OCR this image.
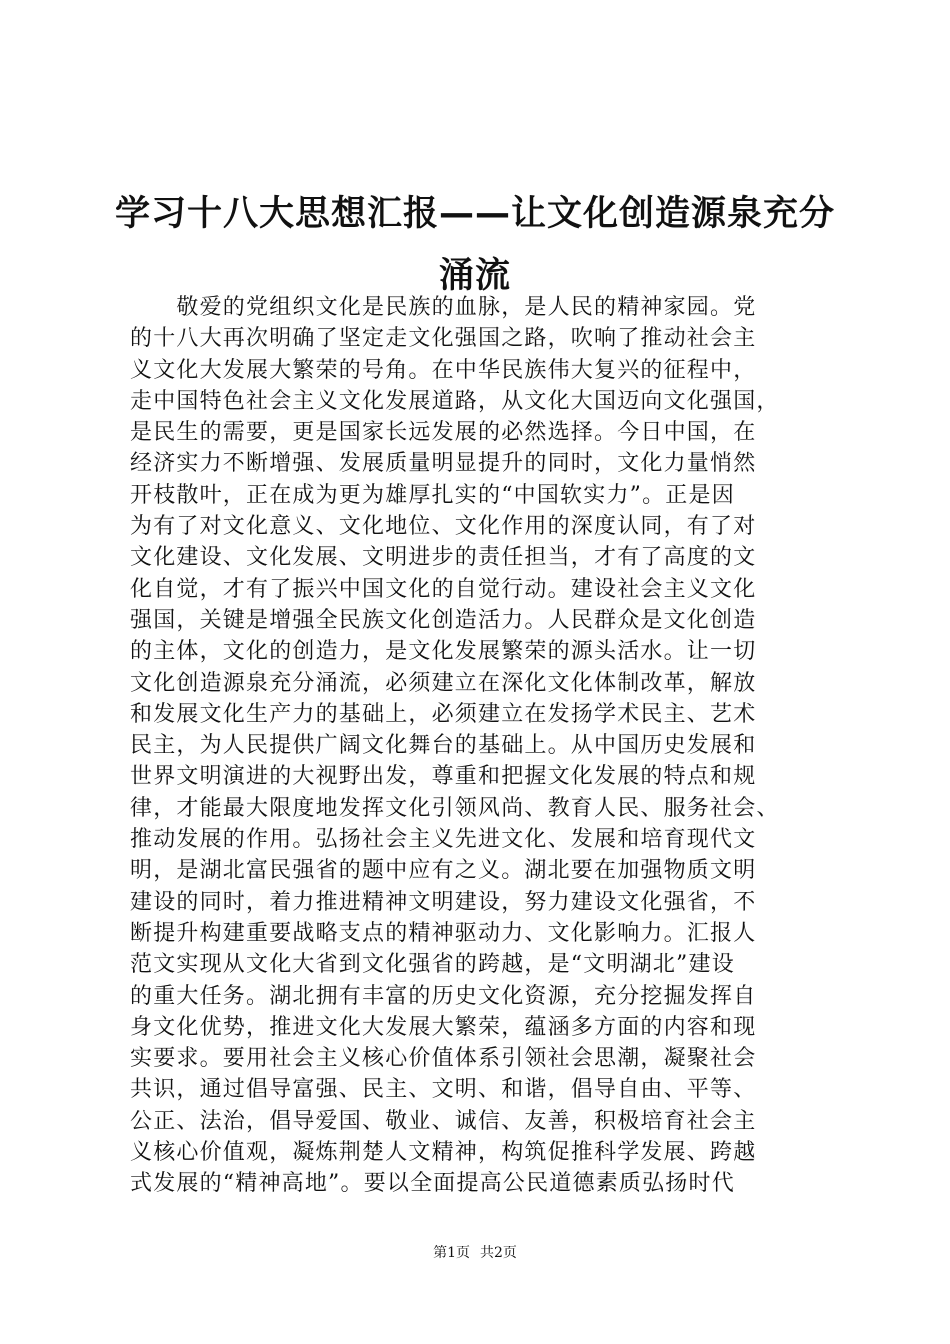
学习十八大思想汇报——让文化创造源泉充分
涌流
　　敬爱的党组织文化是民族的血脉，是人民的精神家园。党
的十八大再次明确了坚定走文化强国之路，吹响了推动社会主
义文化大发展大繁荣的号角。在中华民族伟大复兴的征程中，
走中国特色社会主义文化发展道路，从文化大国迈向文化强国，
是民生的需要，更是国家长远发展的必然选择。今日中国，在
经济实力不断增强、发展质量明显提升的同时，文化力量悄然
开枝散叶，正在成为更为雄厚扎实的“中国软实力”。正是因
为有了对文化意义、文化地位、文化作用的深度认同，有了对
文化建设、文化发展、文明进步的责任担当，才有了高度的文
化自觉，才有了振兴中国文化的自觉行动。建设社会主义文化
强国，关键是增强全民族文化创造活力。人民群众是文化创造
的主体，文化的创造力，是文化发展繁荣的源头活水。让一切
文化创造源泉充分涌流，必须建立在深化文化体制改革，解放
和发展文化生产力的基础上，必须建立在发扬学术民主、艺术
民主，为人民提供广阔文化舞台的基础上。从中国历史发展和
世界文明演进的大视野出发，尊重和把握文化发展的特点和规
律，才能最大限度地发挥文化引领风尚、教育人民、服务社会、
推动发展的作用。弘扬社会主义先进文化、发展和培育现代文
明，是湖北富民强省的题中应有之义。湖北要在加强物质文明
建设的同时，着力推进精神文明建设，努力建设文化强省，不
断提升构建重要战略支点的精神驱动力、文化影响力。汇报人
范文实现从文化大省到文化强省的跨越，是“文明湖北”建设
的重大任务。湖北拥有丰富的历史文化资源，充分挖掘发挥自
身文化优势，推进文化大发展大繁荣，蕴涵多方面的内容和现
实要求。要用社会主义核心价值体系引领社会思潮，凝聚社会
共识，通过倡导富强、民主、文明、和谐，倡导自由、平等、
公正、法治，倡导爱国、敬业、诚信、友善，积极培育社会主
义核心价值观，凝炼荆楚人文精神，构筑促推科学发展、跨越
式发展的“精神高地”。要以全面提高公民道德素质弘扬时代
第1页 共2页
